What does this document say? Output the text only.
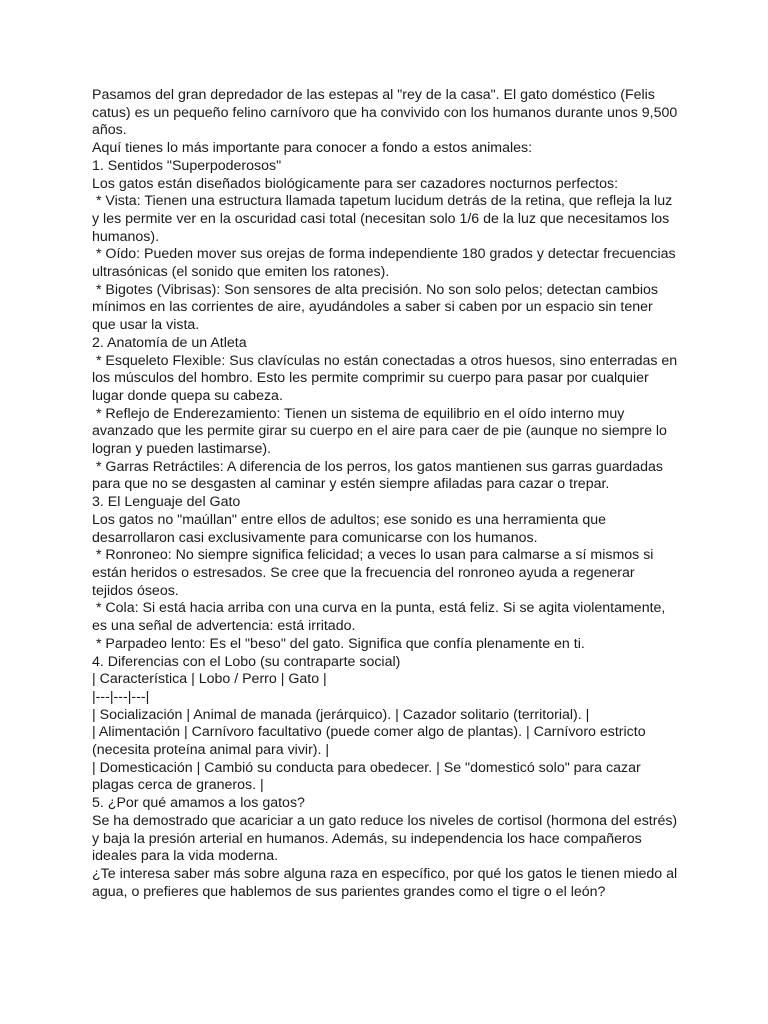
Pasamos del gran depredador de las estepas al "rey de la casa". El gato doméstico (Felis catus) es un pequeño felino carnívoro que ha convivido con los humanos durante unos 9,500 años.

Aquí tienes lo más importante para conocer a fondo a estos animales:

1. Sentidos "Superpoderosos"

Los gatos están diseñados biológicamente para ser cazadores nocturnos perfectos:

* Vista: Tienen una estructura llamada tapetum lucidum detrás de la retina, que refleja la luz y les permite ver en la oscuridad casi total (necesitan solo 1/6 de la luz que necesitamos los humanos).

* Oído: Pueden mover sus orejas de forma independiente 180 grados y detectar frecuencias ultrasónicas (el sonido que emiten los ratones).

* Bigotes (Vibrisas): Son sensores de alta precisión. No son solo pelos; detectan cambios mínimos en las corrientes de aire, ayudándoles a saber si caben por un espacio sin tener que usar la vista.

2. Anatomía de un Atleta

* Esqueleto Flexible: Sus clavículas no están conectadas a otros huesos, sino enterradas en los músculos del hombro. Esto les permite comprimir su cuerpo para pasar por cualquier lugar donde quepa su cabeza.

* Reflejo de Enderezamiento: Tienen un sistema de equilibrio en el oído interno muy avanzado que les permite girar su cuerpo en el aire para caer de pie (aunque no siempre lo logran y pueden lastimarse).

* Garras Retráctiles: A diferencia de los perros, los gatos mantienen sus garras guardadas para que no se desgasten al caminar y estén siempre afiladas para cazar o trepar.

3. El Lenguaje del Gato

Los gatos no "maúllan" entre ellos de adultos; ese sonido es una herramienta que desarrollaron casi exclusivamente para comunicarse con los humanos.

* Ronroneo: No siempre significa felicidad; a veces lo usan para calmarse a sí mismos si están heridos o estresados. Se cree que la frecuencia del ronroneo ayuda a regenerar tejidos óseos.

* Cola: Si está hacia arriba con una curva en la punta, está feliz. Si se agita violentamente, es una señal de advertencia: está irritado.

* Parpadeo lento: Es el "beso" del gato. Significa que confía plenamente en ti.

4. Diferencias con el Lobo (su contraparte social)

| Característica | Lobo / Perro | Gato |

|---|---|---|

| Socialización | Animal de manada (jerárquico). | Cazador solitario (territorial). |

| Alimentación | Carnívoro facultativo (puede comer algo de plantas). | Carnívoro estricto (necesita proteína animal para vivir). |

| Domesticación | Cambió su conducta para obedecer. | Se "domesticó solo" para cazar plagas cerca de graneros. |

5. ¿Por qué amamos a los gatos?

Se ha demostrado que acariciar a un gato reduce los niveles de cortisol (hormona del estrés) y baja la presión arterial en humanos. Además, su independencia los hace compañeros ideales para la vida moderna.

¿Te interesa saber más sobre alguna raza en específico, por qué los gatos le tienen miedo al agua, o prefieres que hablemos de sus parientes grandes como el tigre o el león?
